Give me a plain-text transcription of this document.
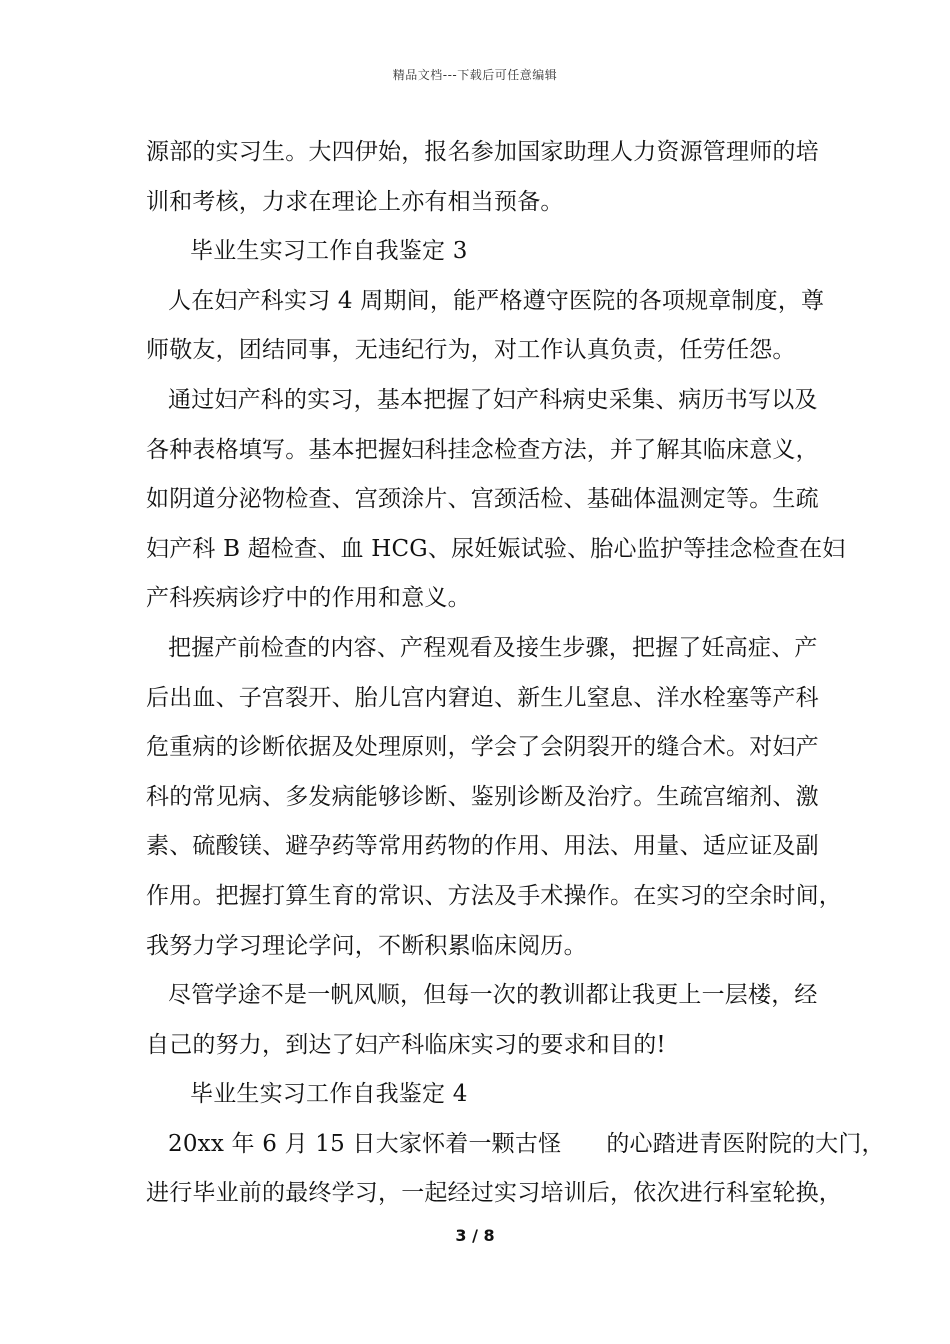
精品文档---下载后可任意编辑
源部的实习生。大四伊始，报名参加国家助理人力资源管理师的培
训和考核，力求在理论上亦有相当预备。
毕业生实习工作自我鉴定 3
人在妇产科实习 4 周期间，能严格遵守医院的各项规章制度，尊
师敬友，团结同事，无违纪行为，对工作认真负责，任劳任怨。
通过妇产科的实习，基本把握了妇产科病史采集、病历书写以及
各种表格填写。基本把握妇科挂念检查方法，并了解其临床意义，
如阴道分泌物检查、宫颈涂片、宫颈活检、基础体温测定等。生疏
妇产科 B 超检查、血 HCG、尿妊娠试验、胎心监护等挂念检查在妇
产科疾病诊疗中的作用和意义。
把握产前检查的内容、产程观看及接生步骤，把握了妊高症、产
后出血、子宫裂开、胎儿宫内窘迫、新生儿窒息、洋水栓塞等产科
危重病的诊断依据及处理原则，学会了会阴裂开的缝合术。对妇产
科的常见病、多发病能够诊断、鉴别诊断及治疗。生疏宫缩剂、激
素、硫酸镁、避孕药等常用药物的作用、用法、用量、适应证及副
作用。把握打算生育的常识、方法及手术操作。在实习的空余时间，
我努力学习理论学问，不断积累临床阅历。
尽管学途不是一帆风顺，但每一次的教训都让我更上一层楼，经
自己的努力，到达了妇产科临床实习的要求和目的!
毕业生实习工作自我鉴定 4
20xx 年 6 月 15 日大家怀着一颗古怪      的心踏进青医附院的大门，
进行毕业前的最终学习，一起经过实习培训后，依次进行科室轮换，
3 / 8
